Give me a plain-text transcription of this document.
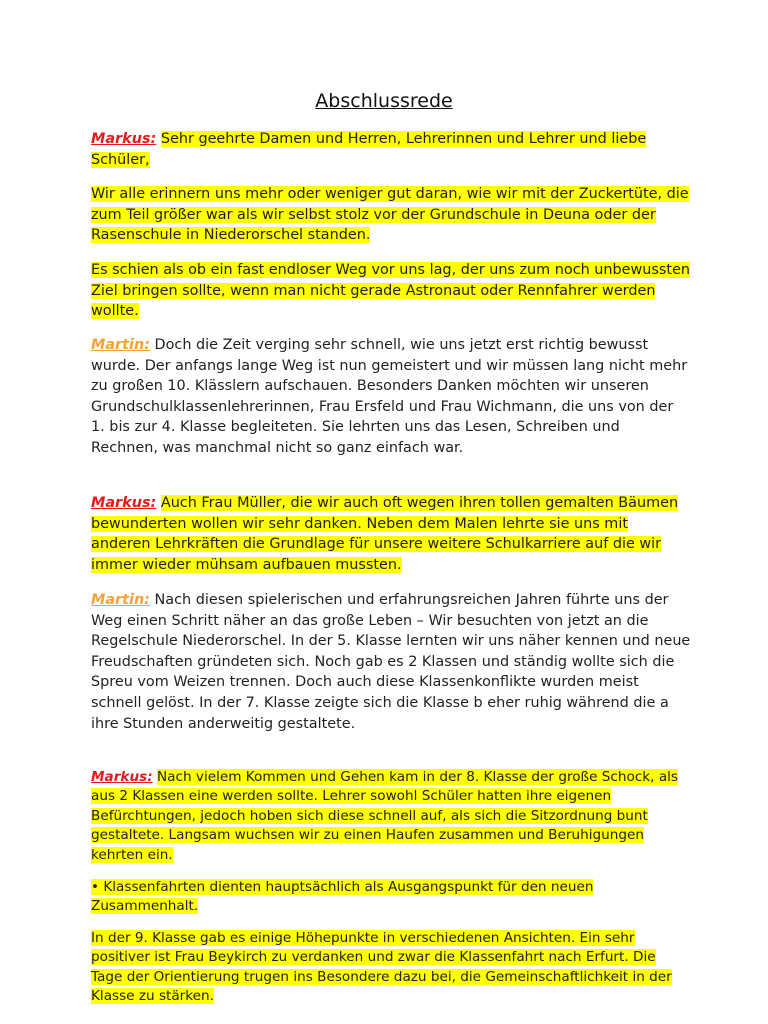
Abschlussrede

Markus: Sehr geehrte Damen und Herren, Lehrerinnen und Lehrer und liebe Schüler,

Wir alle erinnern uns mehr oder weniger gut daran, wie wir mit der Zuckertüte, die zum Teil größer war als wir selbst stolz vor der Grundschule in Deuna oder der Rasenschule in Niederorschel standen.

Es schien als ob ein fast endloser Weg vor uns lag, der uns zum noch unbewussten Ziel bringen sollte, wenn man nicht gerade Astronaut oder Rennfahrer werden wollte.

Martin: Doch die Zeit verging sehr schnell, wie uns jetzt erst richtig bewusst wurde. Der anfangs lange Weg ist nun gemeistert und wir müssen lang nicht mehr zu großen 10. Klässlern aufschauen. Besonders Danken möchten wir unseren Grundschulklassenlehrerinnen, Frau Ersfeld und Frau Wichmann, die uns von der 1. bis zur 4. Klasse begleiteten. Sie lehrten uns das Lesen, Schreiben und Rechnen, was manchmal nicht so ganz einfach war.

Markus: Auch Frau Müller, die wir auch oft wegen ihren tollen gemalten Bäumen bewunderten wollen wir sehr danken. Neben dem Malen lehrte sie uns mit anderen Lehrkräften die Grundlage für unsere weitere Schulkarriere auf die wir immer wieder mühsam aufbauen mussten.

Martin: Nach diesen spielerischen und erfahrungsreichen Jahren führte uns der Weg einen Schritt näher an das große Leben – Wir besuchten von jetzt an die Regelschule Niederorschel. In der 5. Klasse lernten wir uns näher kennen und neue Freudschaften gründeten sich. Noch gab es 2 Klassen und ständig wollte sich die Spreu vom Weizen trennen. Doch auch diese Klassenkonflikte wurden meist schnell gelöst. In der 7. Klasse zeigte sich die Klasse b eher ruhig während die a ihre Stunden anderweitig gestaltete.

Markus: Nach vielem Kommen und Gehen kam in der 8. Klasse der große Schock, als aus 2 Klassen eine werden sollte. Lehrer sowohl Schüler hatten ihre eigenen Befürchtungen, jedoch hoben sich diese schnell auf, als sich die Sitzordnung bunt gestaltete. Langsam wuchsen wir zu einen Haufen zusammen und Beruhigungen kehrten ein.

• Klassenfahrten dienten hauptsächlich als Ausgangspunkt für den neuen Zusammenhalt.

In der 9. Klasse gab es einige Höhepunkte in verschiedenen Ansichten. Ein sehr positiver ist Frau Beykirch zu verdanken und zwar die Klassenfahrt nach Erfurt. Die Tage der Orientierung trugen ins Besondere dazu bei, die Gemeinschaftlichkeit in der Klasse zu stärken.
